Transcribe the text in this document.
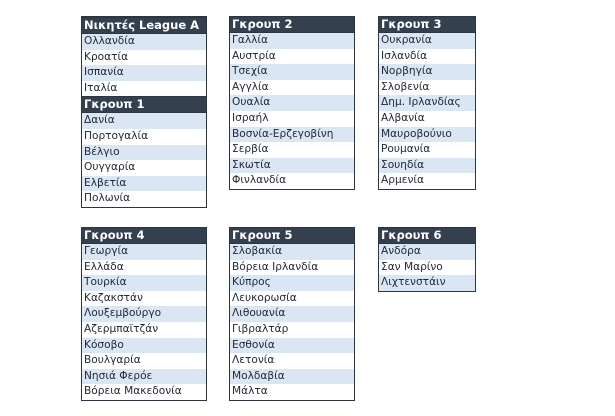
Νικητές League A
Ολλανδία
Κροατία
Ισπανία
Ιταλία
Γκρουπ 1
Δανία
Πορτογαλία
Βέλγιο
Ουγγαρία
Ελβετία
Πολωνία
Γκρουπ 2
Γαλλία
Αυστρία
Τσεχία
Αγγλία
Ουαλία
Ισραήλ
Βοσνία-Ερζεγοβίνη
Σερβία
Σκωτία
Φινλανδία
Γκρουπ 3
Ουκρανία
Ισλανδία
Νορβηγία
Σλοβενία
Δημ. Ιρλανδίας
Αλβανία
Μαυροβούνιο
Ρουμανία
Σουηδία
Αρμενία
Γκρουπ 4
Γεωργία
Ελλάδα
Τουρκία
Καζακστάν
Λουξεμβούργο
Αζερμπαϊτζάν
Κόσοβο
Βουλγαρία
Νησιά Φερόε
Βόρεια Μακεδονία
Γκρουπ 5
Σλοβακία
Βόρεια Ιρλανδία
Κύπρος
Λευκορωσία
Λιθουανία
Γιβραλτάρ
Εσθονία
Λετονία
Μολδαβία
Μάλτα
Γκρουπ 6
Ανδόρα
Σαν Μαρίνο
Λιχτενστάιν
